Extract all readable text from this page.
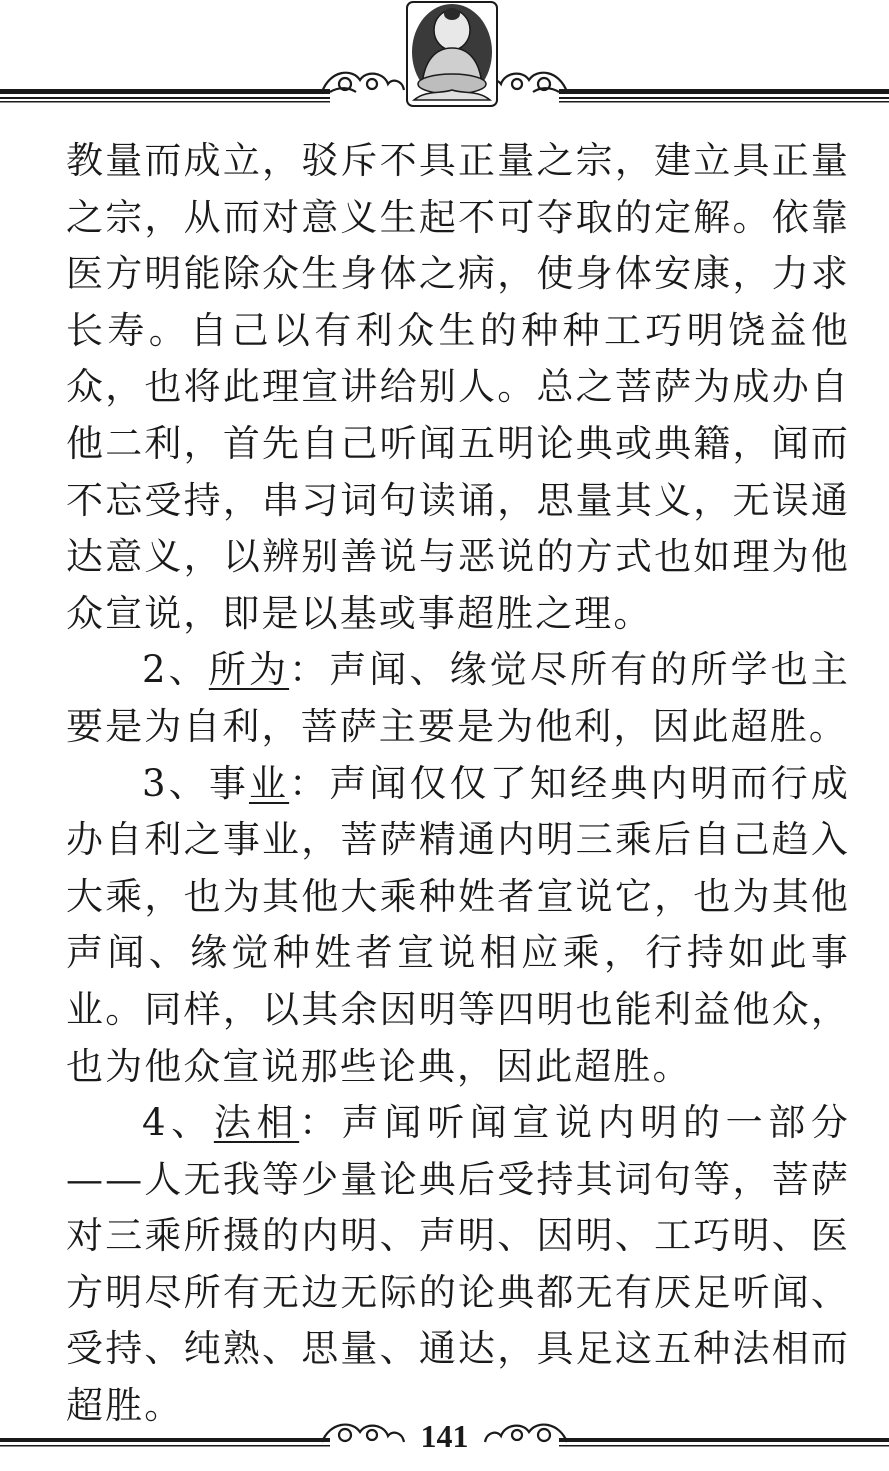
教量而成立，驳斥不具正量之宗，建立具正量之宗，从而对意义生起不可夺取的定解。依靠医方明能除众生身体之病，使身体安康，力求长寿。自己以有利众生的种种工巧明饶益他众，也将此理宣讲给别人。总之菩萨为成办自他二利，首先自己听闻五明论典或典籍，闻而不忘受持，串习词句读诵，思量其义，无误通达意义，以辨别善说与恶说的方式也如理为他众宣说，即是以基或事超胜之理。

2、所为：声闻、缘觉尽所有的所学也主要是为自利，菩萨主要是为他利，因此超胜。

3、事业：声闻仅仅了知经典内明而行成办自利之事业，菩萨精通内明三乘后自己趋入大乘，也为其他大乘种姓者宣说它，也为其他声闻、缘觉种姓者宣说相应乘，行持如此事业。同样，以其余因明等四明也能利益他众，也为他众宣说那些论典，因此超胜。

4、法相：声闻听闻宣说内明的一部分——人无我等少量论典后受持其词句等，菩萨对三乘所摄的内明、声明、因明、工巧明、医方明尽所有无边无际的论典都无有厌足听闻、受持、纯熟、思量、通达，具足这五种法相而超胜。

141
